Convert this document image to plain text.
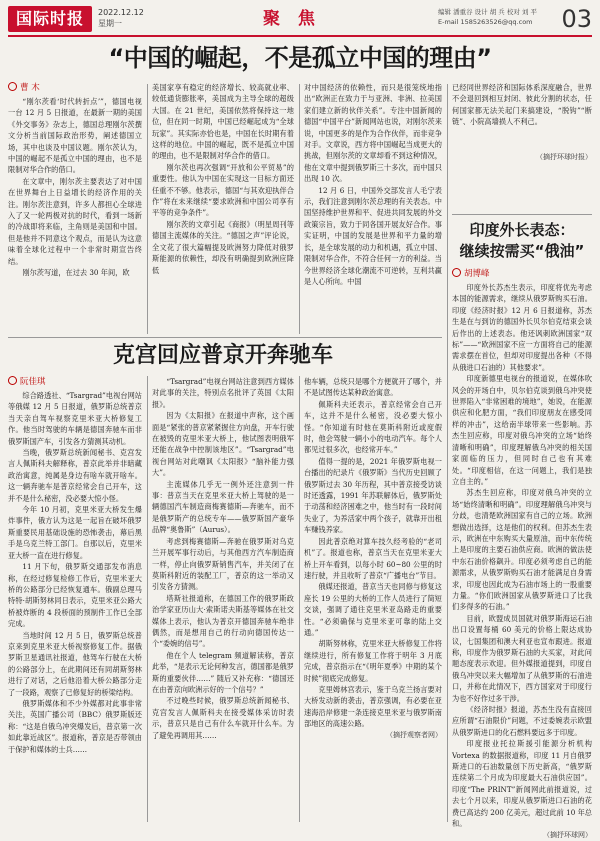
国际时报	2022.12.12
星期一	聚 焦	编辑 潘重谷 设计 胡 兵 校对 刘 平
E-mail 1585263526@qq.com	03
“中国的崛起，不是孤立中国的理由”
曹 木

“刚尔茨看‘时代转折点’”，德国电视一台 12 月 5 日报道，在最新一期的美国《外交事务》杂志上，德国总理刚尔茨撰文分析当前国际政治形势，阐述德国立场，其中也谈及中国议题。刚尔茨认为，中国的崛起不是孤立中国的理由，也不是限制对华合作的借口。

在文章中，刚尔茨主要表达了对中国在世界舞台上日益增长的经济作用的关注。刚尔茨注意到，许多人都担心全球进入了又一轮两极对抗的时代，看到一场新的冷战即将来临，主角则是美国和中国。但是他并不同意这个观点，而是认为这意味着全球化过程中一个非常时期宣告终结。

刚尔茨写道，在过去 30 年间，欧

美国家享有稳定的经济增长、较高就业率、较低通货膨胀率，美国成为主导全球的超级大国。在 21 世纪，美国依然将保持这一地位，但在同一时期，中国已经崛起成为“全球玩家”。其实际亦恰也是，中国在长时期有着这样的地位。中国的崛起，既不是孤立中国的理由，也不是限制对华合作的借口。

刚尔茨也再次强调“开放和公平贸易”的重要性。他认为中国在实现这一目标方面还任重不不够。他表示，德国“与其欢迎执伴合作”将在未来继续“要求欧洲和中国公司享有平等的竞争条件”。

刚尔茨的文章引起《商报》（明星周刊等德国主流媒体的关注。“德国之声”评论说，全文花了很大篇幅提及欧洲努力降低对俄罗斯能源的依赖性，却没有明确提到欧洲应降低

对中国经济的依赖性，而只是很笼统地指出“欧洲正在致力于与亚洲、非洲、拉美国家们建立新的伙伴关系”。专注中国新闻的德国“中国平台”新闻网站也说，对刚尔茨来说，中国更多的是作为合作伙伴，而非竞争对手。文章说，西方将中国崛起当成更大的挑战，但刚尔茨的文章却看不到这种情况，他在文章中提到俄罗斯三十多次，而中国只出现 10 次。

12 月 6 日，中国外交部发言人毛宁表示，我们注意到刚尔茨总理的有关表态。中国坚持维护世界和平、促进共同发展的外交政策宗旨，致力于同各国开展友好合作。事实证明，中国的发展是世界和平力量的增长，是全球发展的动力和机遇，孤立中国、限制对华合作，不符合任何一方的利益。当今世界经济全球化潮流不可逆转，互利共赢是人心所向。中国

已经同世界经济和国际体系深度融合，世界不会退回到相互封闭、彼此分割的状态，任何国家都无法关起门来搞建设，“脱钩”“断链”、小院高墙损人不利己。

（摘抒环球时报）
克宫回应普京开奔驰车
阮佳琪

综合路透社、“Tsargrad”电视台网站等俄媒 12 月 5 日报道，俄罗斯总统普京当天亲自驾车视察克里米亚大桥修复工作。他当时驾驶的车辆是德国奔驰车而非俄罗斯国产车，引发各方猜测其动机。

当晚，俄罗斯总统新闻秘书、克宫发言人佩斯科夫解释称，普京此举并非暗藏政治寓意，纯属是身边有啥车就开啥车。这一辆奔驰车是普京经常会自己开车，这并不是什么秘密，没必要大惊小怪。

今年 10 月初，克里米亚大桥发生爆炸事件，俄方认为这是一起旨在破坏俄罗斯重要民用基础设施的恐怖袭击，幕后黑手是乌克兰特工部门。自那以后，克里米亚大桥一直在进行修复。

11 月下旬，俄罗斯交通部发布消息称，在经过修复检修工作后，克里米亚大桥的公路部分已经恢复通车。俄副总理马特特·胡斯努林同日表示，克里米亚公路大桥被炸断的 4 段桥面的预制件工作已全部完成。

当地时间 12 月 5 日，俄罗斯总统普京来到克里米亚大桥视察修复工作。据俄罗斯卫星通讯社报道，他驾车行驶在大桥的公路部分上，在此期间还有同胡斯努林进行了对话，之后他沿着大桥公路部分走了一段路，观察了已修复好的桥梁结构。

俄罗斯媒体和不少外媒都对此事非常关注，英国广播公司（BBC）俄罗斯版还称：“这是自俄乌冲突爆发后，普京第一次如此靠近战区”。报道称，普京是否带领由于保护和媒体的士兵……

“Tsargrad”电视台网站注意到西方媒体对此事的关注，特别点名批评了英国《太阳报》。

因为《太阳报》在报道中声称，这个画面是“紧张的普京紧紧握住方向盘，开车行驶在被毁的克里米亚大桥上，他试图表明俄军还能在战争中控制该地区”。“Tsargrad”电视台网站对此嘲讽《太阳报》“脑补能力强大”。

主流媒体几乎无一例外还注意到一件事：普京当天在克里米亚大桥上驾驶的是一辆德国汽车制造商梅赛德斯—奔驰车，而不是俄罗斯产的总统专车——俄罗斯国产豪华品牌“奥鲁斯”（Aurus）。

考虑到梅赛德斯—奔驰在俄罗斯对乌克兰开展军事行动后，与其他西方汽车制造商一样，停止向俄罗斯销售汽车，并关闭了在莫斯科附近的装配工厂，普京的这一举动又引发各方猜测。

塔斯社报道称，在德国工作的俄罗斯政治学家亚历山大·索斯诺夫斯基等媒体在社交媒体上表示，他认为普京开德国奔驰车绝非偶然，而是想用自己的行动向德国传达一个“委婉的信号”。

他在个人 telegram 频道解读称，普京此举，“是表示无论何种发言，德国都是俄罗斯的重要伙伴……” 随后又补充称：“德国还在由普京向欧洲示好的一个信号？”

不过晚些时候，俄罗斯总统新闻秘书、克宫发言人佩斯科夫在接受媒体采访时表示，普京只是自己有什么车就开什么车。为了避免再调用其……

他车辆，总统只是哪个方便就开了哪个，并不是试图传达某种政治寓意。

佩斯科夫还表示，普京经常会自己开车，这并不是什么秘密，没必要大惊小怪。“你知道有时他在莫斯科附近或度假时，他会驾驶一辆小小的电动汽车。每个人都见过很多次，也经常开车。”

值得一提的是，2021 年俄罗斯电视一台播出的纪录片《俄罗斯》当代历史回顾了俄罗斯过去 30 年历程，其中普京接受访谈时还透露，1991 年苏联解体后，俄罗斯处于动荡和经济困难之中，他当时有一段时间失业了，为养活家中两个孩子，就靠开出租车赚钱养家。

因此普京绝对算车技久经考验的“老司机”了。报道也称，普京当天在克里米亚大桥上开车看到，以每小时 60~80 公里的时速行驶，并且收听了普京“广播电台”节目。

俄媒还报道，普京当天也同修与修复这座长 19 公里的大桥的工作人员进行了简短交谈，强调了通往克里米亚岛路走的重要性。“必须确保与克里米亚可靠的陆上交通。”

胡斯努林称，克里米亚大桥修复工作将继续进行，所有修复工作将于明年 3 月底完成，普京指示在“《明年夏季》中期的某个时候”彻底完成修复。

克里姆林宫表示，鉴于乌克兰扬言要对大桥发动新的袭击，普京强调，有必要在亚速海沿岸修建一条连接克里米亚与俄罗斯南部地区的高速公路。

（摘抒观察者网）
印度外长表态：
继续按需买“俄油”
胡博峰

印度外长苏杰生表示，印度将优先考虑本国的能源需求，继续从俄罗斯购买石油。印度《经济时报》12 月 6 日报道称，苏杰生是在与到访的德国外长贝尔伯克结束会谈后作出的上述表态。他还讽刺欧洲国家“双标”——“欧洲国家不应一方面将自己的能源需求摆在首位，但却对印度提出各种（不得从俄进口石油的）其他要求”。

印度新德里电视台的报道说，在媒体吹风会的开场白中，贝尔伯克谈到俄乌冲突使世界陷入“非常困难的境地”，她说，在能源供应和化肥方面，“我们印度朋友在感受同样的冲击”，这给南半球带来一些影响。苏杰生回应称，印度对俄乌冲突的立场“始终清晰和明确”，印度理解俄乌冲突的相关国家面临的压力，但同时自己也有其难处。“印度相信，在这一问题上，我们是独立自主的。”

苏杰生回应称，印度对俄乌冲突的立场“始终清晰和明确”。印度理解俄乌冲突与分歧，也清楚欧洲国家有自己的立场。欧洲想做出选择，这是他们的权利。但苏杰生表示，欧洲在中东购买大量原油，而中东传统上是印度的主要石油供应商。欧洲的做法使中东石油价格飙升。印度必须考虑自己的能源需求，从俄罗斯购买石油才能满足自身需求，印度也因此成为石油市场上的一股重要力量。“你们欧洲国家从俄罗斯进口了比我们多得多的石油。”

目前，欧盟成员国就对俄罗斯海运石油出口设置每桶 60 美元的价格上限达成协议，七国集团和澳大利亚也宣布跟进。报道称，印度作为俄罗斯石油的大买家，对此问题态度表示欢迎。但外媒报道提到，印度自俄乌冲突以来大幅增加了从俄罗斯的石油进口，并称在此情况下，西方国家对于印度行为也不好作过多干涉。

《经济时报》报道，苏杰生没有直接回应所谓“石油限价”问题，不过委婉表示欧盟从俄罗斯进口的化石燃料要远多于印度。

印度报业托拉斯援引能源分析机构 Vortexa 的数据报道称，印度 11 月自俄罗斯进口的石油数量创下历史新高，“俄罗斯连续第二个月成为印度最大石油供应国”。印度“The PRINT”新闻网此前报道说，过去七个月以来，印度从俄罗斯进口石油的花费已高达约 200 亿美元，超过此前 10 年总和。

（摘抒环球网）
